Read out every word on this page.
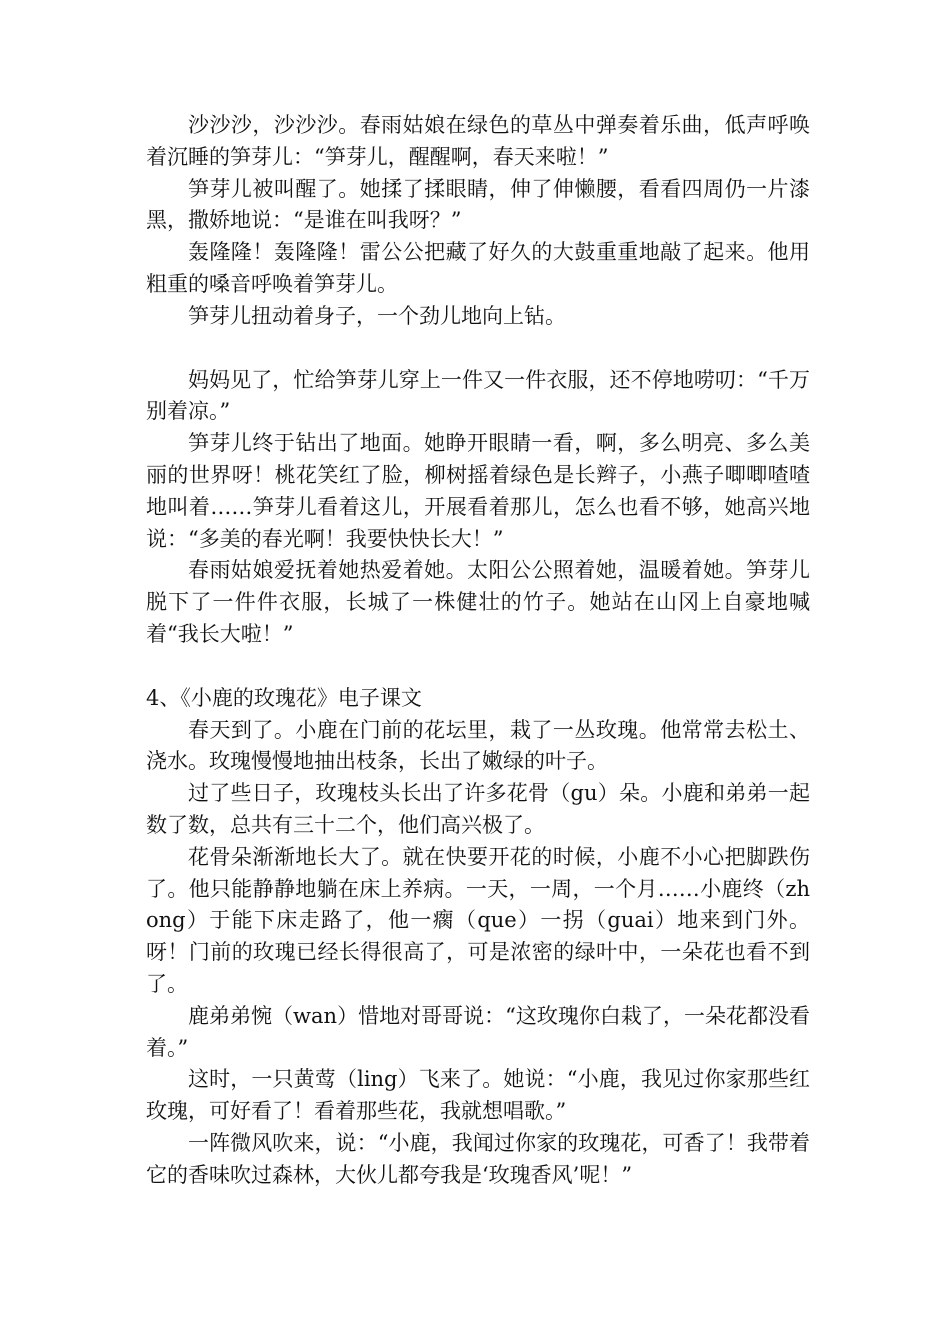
沙沙沙，沙沙沙。春雨姑娘在绿色的草丛中弹奏着乐曲，低声呼唤着沉睡的笋芽儿：“笋芽儿，醒醒啊，春天来啦！”

笋芽儿被叫醒了。她揉了揉眼睛，伸了伸懒腰，看看四周仍一片漆黑，撒娇地说：“是谁在叫我呀？”

轰隆隆！轰隆隆！雷公公把藏了好久的大鼓重重地敲了起来。他用粗重的嗓音呼唤着笋芽儿。

笋芽儿扭动着身子，一个劲儿地向上钻。

妈妈见了，忙给笋芽儿穿上一件又一件衣服，还不停地唠叨：“千万别着凉。”

笋芽儿终于钻出了地面。她睁开眼睛一看，啊，多么明亮、多么美丽的世界呀！桃花笑红了脸，柳树摇着绿色是长辫子，小燕子唧唧喳喳地叫着……笋芽儿看着这儿，开展看着那儿，怎么也看不够，她高兴地说：“多美的春光啊！我要快快长大！”

春雨姑娘爱抚着她热爱着她。太阳公公照着她，温暖着她。笋芽儿脱下了一件件衣服，长城了一株健壮的竹子。她站在山冈上自豪地喊着“我长大啦！”

4、《小鹿的玫瑰花》电子课文

春天到了。小鹿在门前的花坛里，栽了一丛玫瑰。他常常去松土、浇水。玫瑰慢慢地抽出枝条，长出了嫩绿的叶子。

过了些日子，玫瑰枝头长出了许多花骨（gu）朵。小鹿和弟弟一起数了数，总共有三十二个，他们高兴极了。

花骨朵渐渐地长大了。就在快要开花的时候，小鹿不小心把脚跌伤了。他只能静静地躺在床上养病。一天，一周，一个月……小鹿终（zhong）于能下床走路了，他一瘸（que）一拐（guai）地来到门外。呀！门前的玫瑰已经长得很高了，可是浓密的绿叶中，一朵花也看不到了。

鹿弟弟惋（wan）惜地对哥哥说：“这玫瑰你白栽了，一朵花都没看着。”

这时，一只黄莺（ling）飞来了。她说：“小鹿，我见过你家那些红玫瑰，可好看了！看着那些花，我就想唱歌。”

一阵微风吹来，说：“小鹿，我闻过你家的玫瑰花，可香了！我带着它的香味吹过森林，大伙儿都夸我是‘玫瑰香风’呢！”
